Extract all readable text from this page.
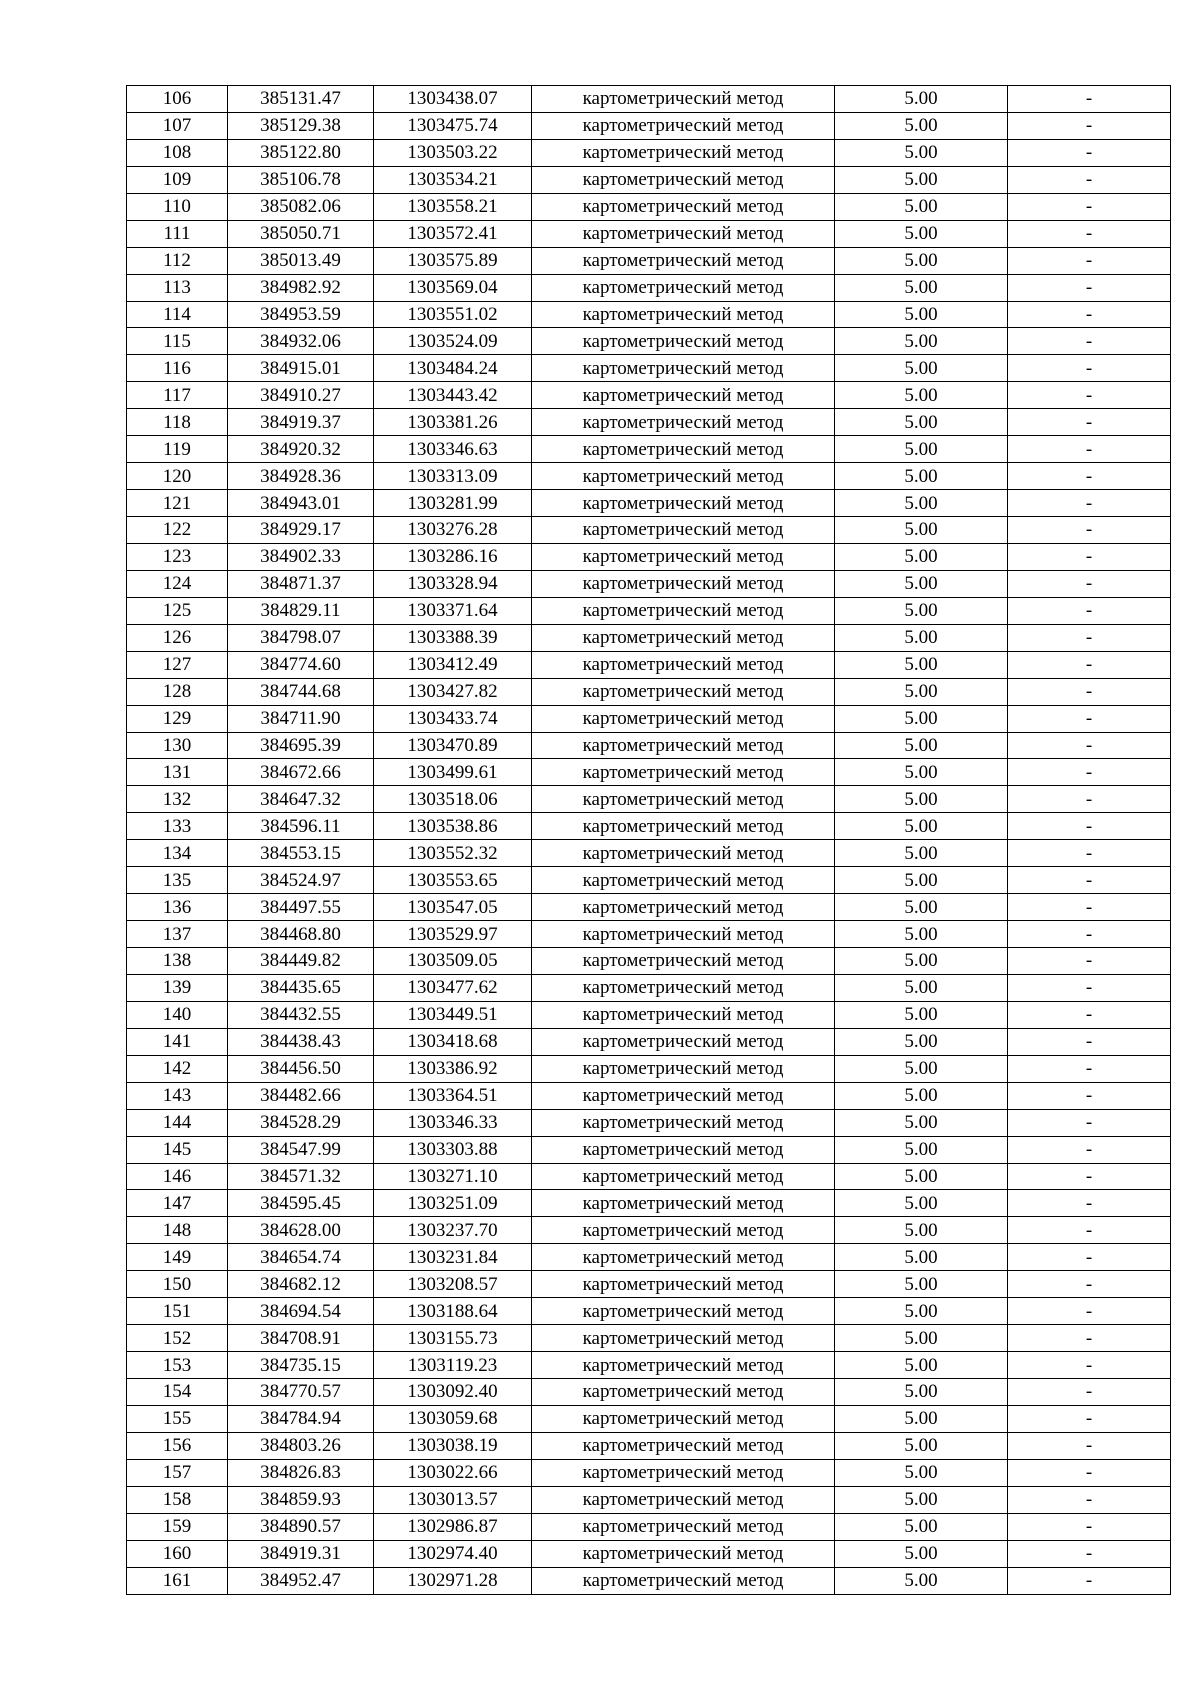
106	385131.47	1303438.07	картометрический метод	5.00	-
107	385129.38	1303475.74	картометрический метод	5.00	-
108	385122.80	1303503.22	картометрический метод	5.00	-
109	385106.78	1303534.21	картометрический метод	5.00	-
110	385082.06	1303558.21	картометрический метод	5.00	-
111	385050.71	1303572.41	картометрический метод	5.00	-
112	385013.49	1303575.89	картометрический метод	5.00	-
113	384982.92	1303569.04	картометрический метод	5.00	-
114	384953.59	1303551.02	картометрический метод	5.00	-
115	384932.06	1303524.09	картометрический метод	5.00	-
116	384915.01	1303484.24	картометрический метод	5.00	-
117	384910.27	1303443.42	картометрический метод	5.00	-
118	384919.37	1303381.26	картометрический метод	5.00	-
119	384920.32	1303346.63	картометрический метод	5.00	-
120	384928.36	1303313.09	картометрический метод	5.00	-
121	384943.01	1303281.99	картометрический метод	5.00	-
122	384929.17	1303276.28	картометрический метод	5.00	-
123	384902.33	1303286.16	картометрический метод	5.00	-
124	384871.37	1303328.94	картометрический метод	5.00	-
125	384829.11	1303371.64	картометрический метод	5.00	-
126	384798.07	1303388.39	картометрический метод	5.00	-
127	384774.60	1303412.49	картометрический метод	5.00	-
128	384744.68	1303427.82	картометрический метод	5.00	-
129	384711.90	1303433.74	картометрический метод	5.00	-
130	384695.39	1303470.89	картометрический метод	5.00	-
131	384672.66	1303499.61	картометрический метод	5.00	-
132	384647.32	1303518.06	картометрический метод	5.00	-
133	384596.11	1303538.86	картометрический метод	5.00	-
134	384553.15	1303552.32	картометрический метод	5.00	-
135	384524.97	1303553.65	картометрический метод	5.00	-
136	384497.55	1303547.05	картометрический метод	5.00	-
137	384468.80	1303529.97	картометрический метод	5.00	-
138	384449.82	1303509.05	картометрический метод	5.00	-
139	384435.65	1303477.62	картометрический метод	5.00	-
140	384432.55	1303449.51	картометрический метод	5.00	-
141	384438.43	1303418.68	картометрический метод	5.00	-
142	384456.50	1303386.92	картометрический метод	5.00	-
143	384482.66	1303364.51	картометрический метод	5.00	-
144	384528.29	1303346.33	картометрический метод	5.00	-
145	384547.99	1303303.88	картометрический метод	5.00	-
146	384571.32	1303271.10	картометрический метод	5.00	-
147	384595.45	1303251.09	картометрический метод	5.00	-
148	384628.00	1303237.70	картометрический метод	5.00	-
149	384654.74	1303231.84	картометрический метод	5.00	-
150	384682.12	1303208.57	картометрический метод	5.00	-
151	384694.54	1303188.64	картометрический метод	5.00	-
152	384708.91	1303155.73	картометрический метод	5.00	-
153	384735.15	1303119.23	картометрический метод	5.00	-
154	384770.57	1303092.40	картометрический метод	5.00	-
155	384784.94	1303059.68	картометрический метод	5.00	-
156	384803.26	1303038.19	картометрический метод	5.00	-
157	384826.83	1303022.66	картометрический метод	5.00	-
158	384859.93	1303013.57	картометрический метод	5.00	-
159	384890.57	1302986.87	картометрический метод	5.00	-
160	384919.31	1302974.40	картометрический метод	5.00	-
161	384952.47	1302971.28	картометрический метод	5.00	-
